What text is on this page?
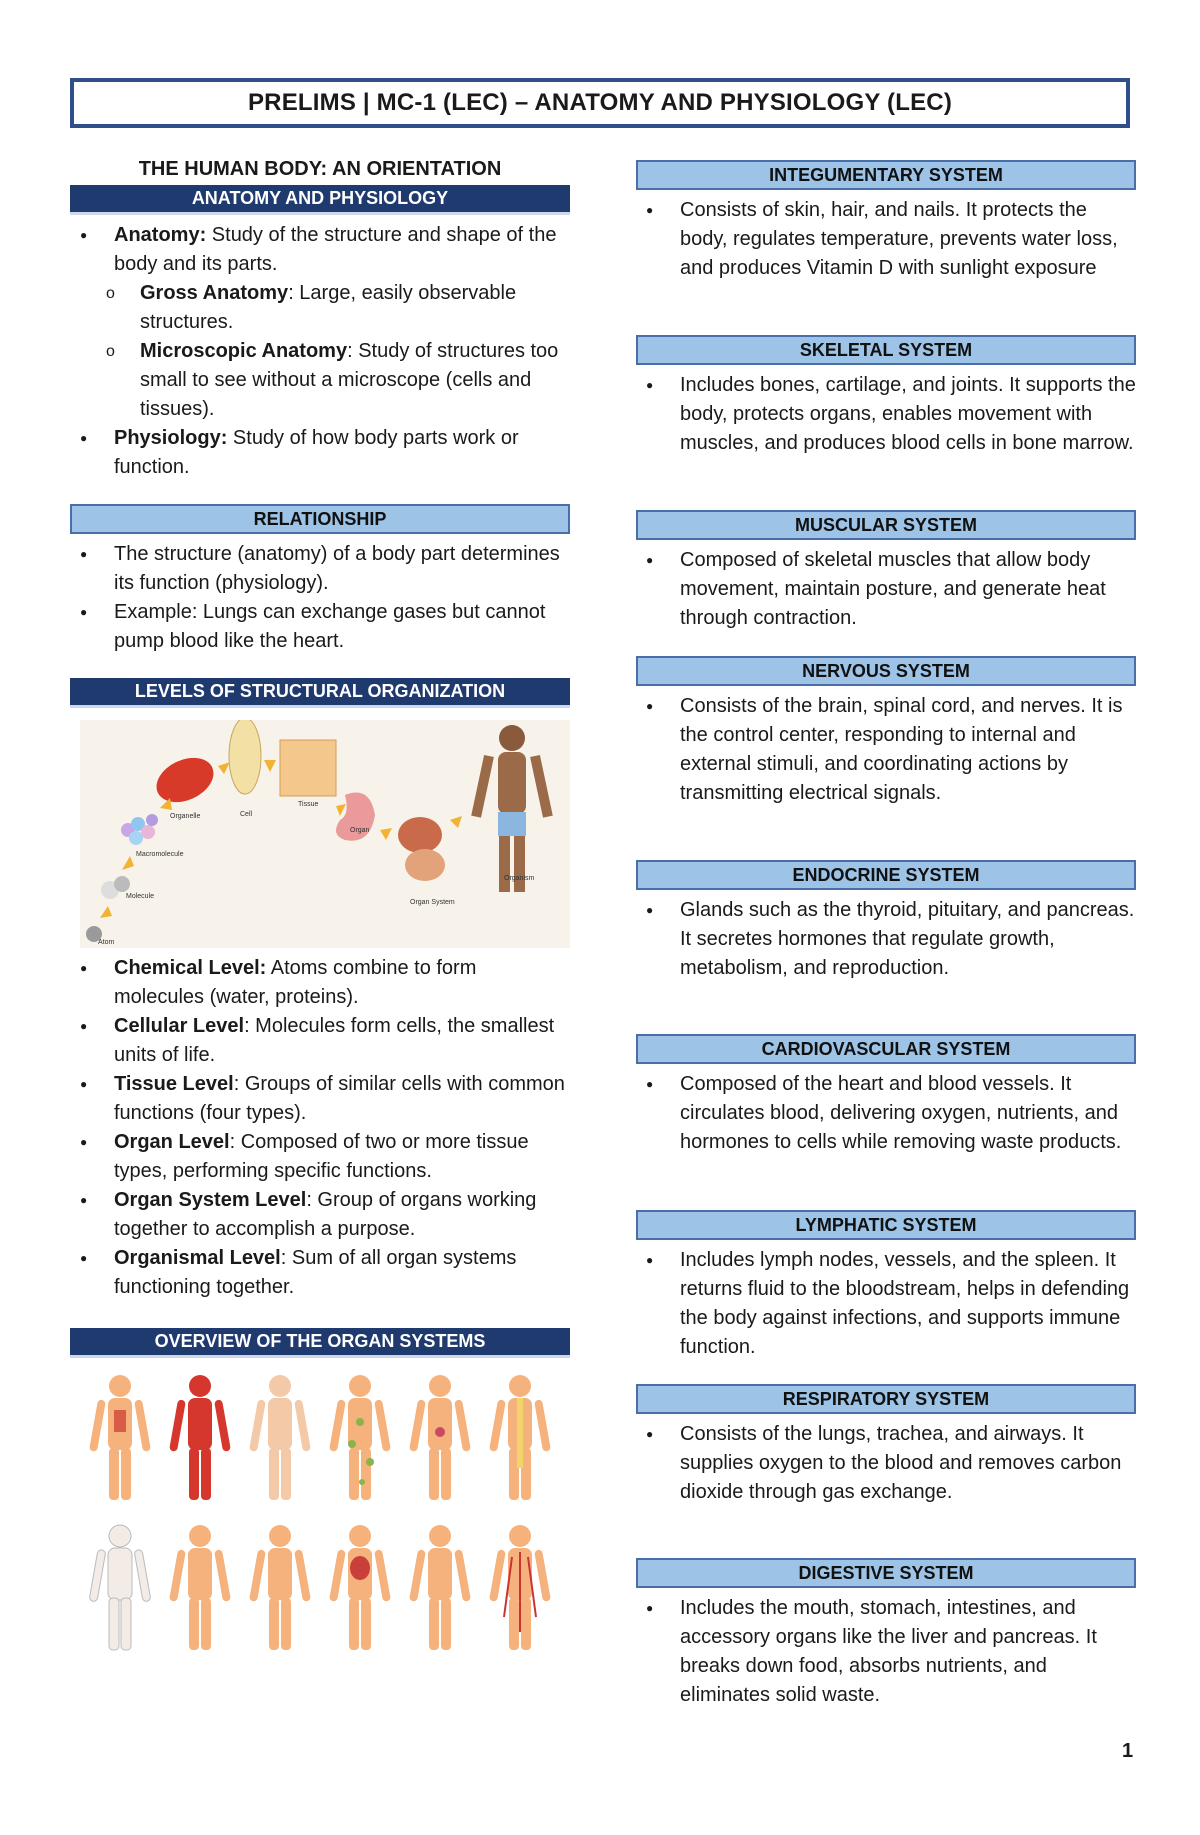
PRELIMS | MC-1 (LEC) – ANATOMY AND PHYSIOLOGY (LEC)
THE HUMAN BODY: AN ORIENTATION
ANATOMY AND PHYSIOLOGY
● Anatomy: Study of the structure and shape of the body and its parts.
o Gross Anatomy: Large, easily observable structures.
o Microscopic Anatomy: Study of structures too small to see without a microscope (cells and tissues).
● Physiology: Study of how body parts work or function.
RELATIONSHIP
● The structure (anatomy) of a body part determines its function (physiology).
● Example: Lungs can exchange gases but cannot pump blood like the heart.
LEVELS OF STRUCTURAL ORGANIZATION
Atom
Molecule
Macromolecule
Organelle	Cell
Tissue
Organ
Organ System
Organism
● Chemical Level: Atoms combine to form molecules (water, proteins).
● Cellular Level: Molecules form cells, the smallest units of life.
● Tissue Level: Groups of similar cells with common functions (four types).
● Organ Level: Composed of two or more tissue types, performing specific functions.
● Organ System Level: Group of organs working together to accomplish a purpose.
● Organismal Level: Sum of all organ systems functioning together.
OVERVIEW OF THE ORGAN SYSTEMS
INTEGUMENTARY SYSTEM
● Consists of skin, hair, and nails. It protects the body, regulates temperature, prevents water loss, and produces Vitamin D with sunlight exposure
SKELETAL SYSTEM
● Includes bones, cartilage, and joints. It supports the body, protects organs, enables movement with muscles, and produces blood cells in bone marrow.
MUSCULAR SYSTEM
● Composed of skeletal muscles that allow body movement, maintain posture, and generate heat through contraction.
NERVOUS SYSTEM
● Consists of the brain, spinal cord, and nerves. It is the control center, responding to internal and external stimuli, and coordinating actions by transmitting electrical signals.
ENDOCRINE SYSTEM
● Glands such as the thyroid, pituitary, and pancreas. It secretes hormones that regulate growth, metabolism, and reproduction.
CARDIOVASCULAR SYSTEM
● Composed of the heart and blood vessels. It circulates blood, delivering oxygen, nutrients, and hormones to cells while removing waste products.
LYMPHATIC SYSTEM
● Includes lymph nodes, vessels, and the spleen. It returns fluid to the bloodstream, helps in defending the body against infections, and supports immune function.
RESPIRATORY SYSTEM
● Consists of the lungs, trachea, and airways. It supplies oxygen to the blood and removes carbon dioxide through gas exchange.
DIGESTIVE SYSTEM
● Includes the mouth, stomach, intestines, and accessory organs like the liver and pancreas. It breaks down food, absorbs nutrients, and eliminates solid waste.
1
